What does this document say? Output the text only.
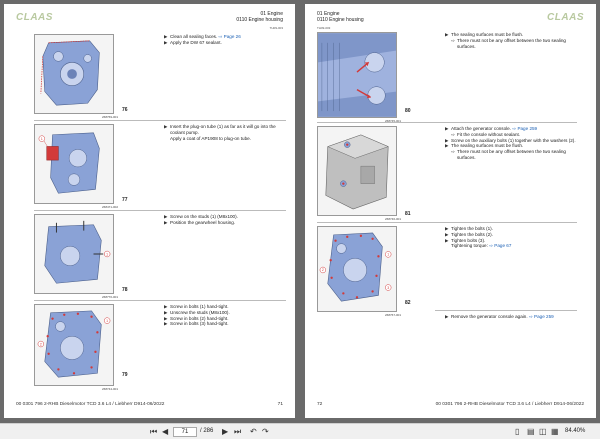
CLAAS	01 Engine
0110 Engine housing
TH09-003
268769-001
76
▶ Clean all sealing faces. ⇨ Page 26
▶ Apply the DW 67 sealant.
1
268471-002
77
▶ Insert the plug-on tube (1) as far as it will go into the coolant pump.
Apply a coat of AP1908 to plug-on tube.
1
268770-001
78
▶ Screw on the studs (1) (M8x100).
▶ Position the gearwheel housing.
2
1
268744-001
79
▶ Screw in bolts (1) hand-tight.
▶ Unscrew the studs (M8x100).
▶ Screw in bolts (2) hand-tight.
▶ Screw in bolts (3) hand-tight.
00 0301 796 2-RHB Dieselmotor TCD 3.6 L4 / Liebherr D914-06/2022	71
CLAAS
01 Engine
0110 Engine housing
TH09-003
268745-001
80
▶ The sealing surfaces must be flush.
⇨ There must not be any offset between the two sealing surfaces.
268746-001
81
▶ Attach the generator console. ⇨ Page 259
⇨ Fit the console without sealant.
▶ Screw on the auxiliary bolts (1) together with the washers (2).
▶ The sealing surfaces must be flush.
⇨ There must not be any offset between the two sealing surfaces.
1
2
3
268767-001
82
▶ Tighten the bolts (1).
▶ Tighten the bolts (2).
▶ Tighten bolts (3).
Tightening torque: ⇨ Page 67
▶ Remove the generator console again. ⇨ Page 259
72	00 0301 796 2-RHB Dieselmotor TCD 3.6 L4 / Liebherr D914-06/2022
⏮ ◀	71	/ 286 ▶ ⏭ ↶ ↷	▯ ▤ ◫ ▦ 84.40%
